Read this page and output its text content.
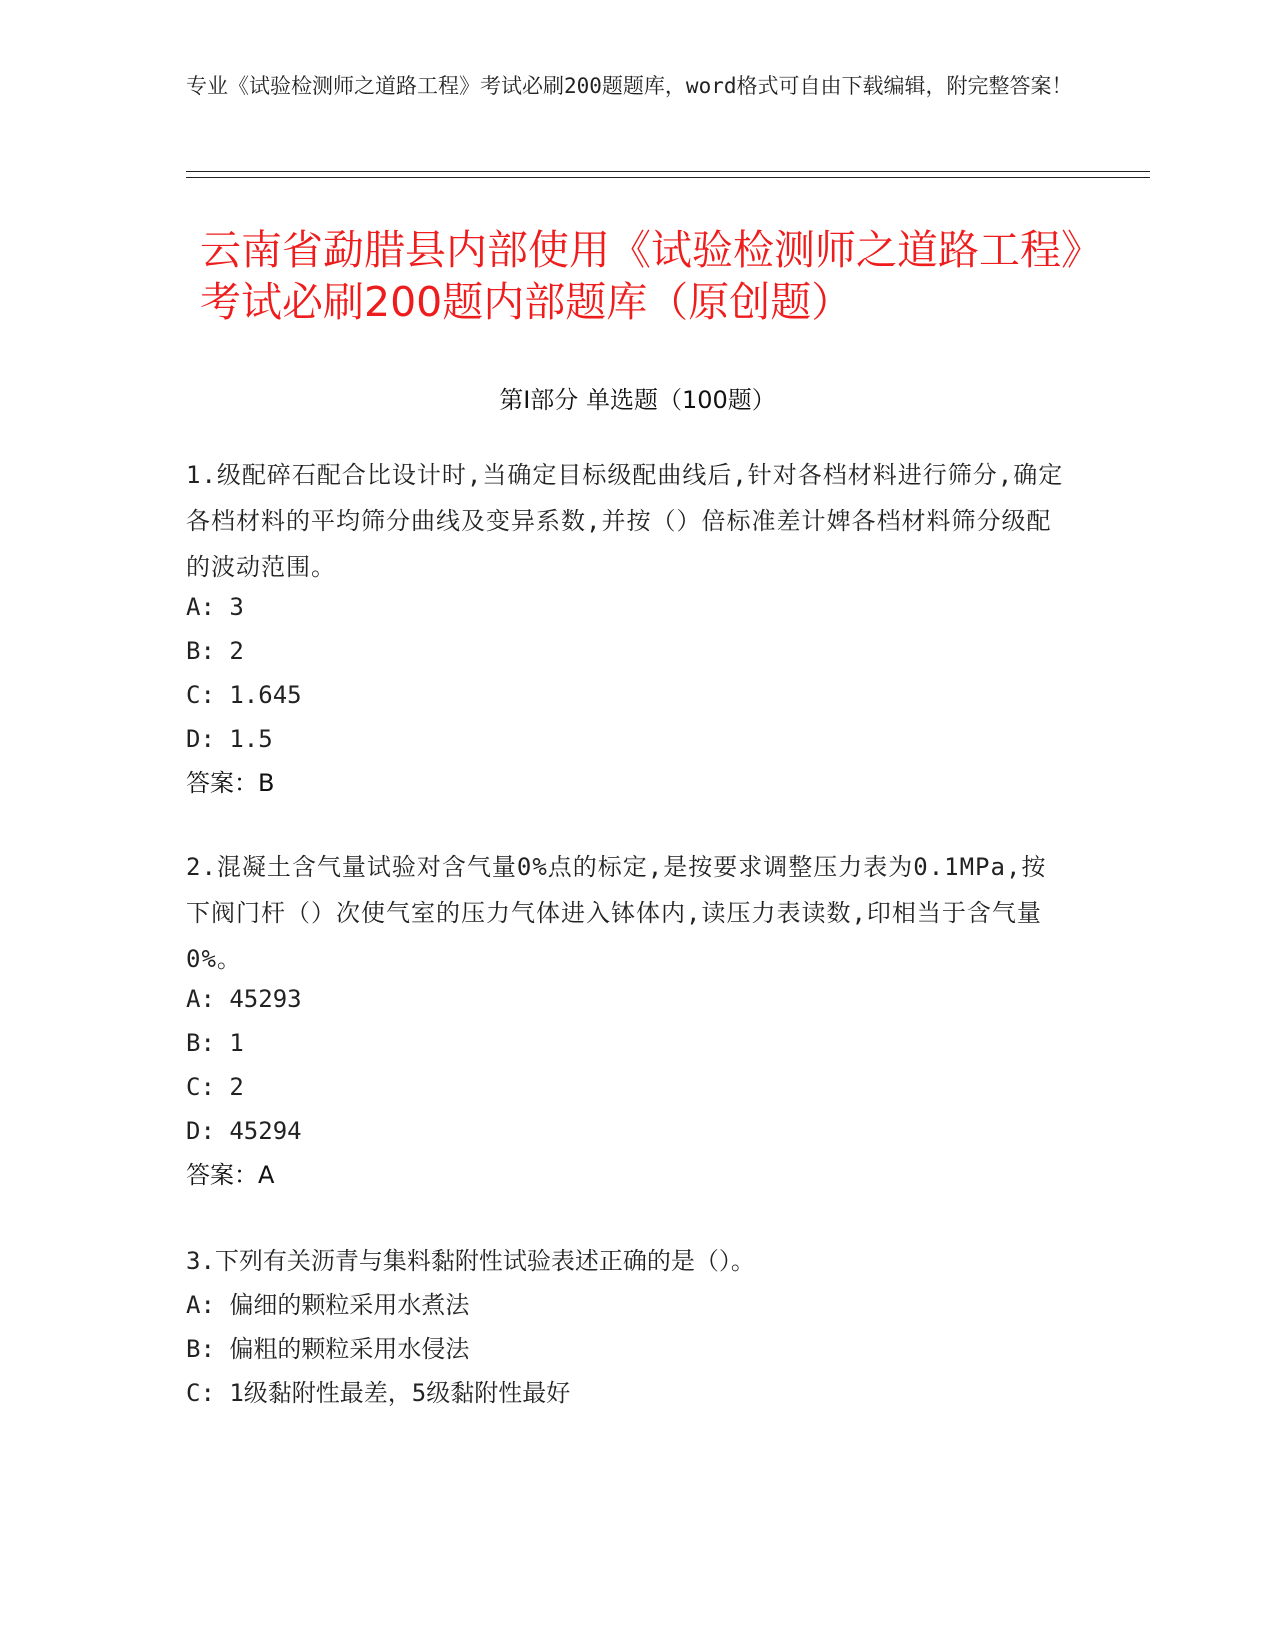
专业《试验检测师之道路工程》考试必刷200题题库，word格式可自由下载编辑，附完整答案！
云南省勐腊县内部使用《试验检测师之道路工程》考试必刷200题内部题库（原创题）
第Ⅰ部分 单选题（100题）
1.级配碎石配合比设计时,当确定目标级配曲线后,针对各档材料进行筛分,确定各档材料的平均筛分曲线及变异系数,并按（）倍标准差计婢各档材料筛分级配的波动范围。
A: 3
B: 2
C: 1.645
D: 1.5
答案：B
2.混凝土含气量试验对含气量0%点的标定,是按要求调整压力表为0.1MPa,按下阀门杆（）次使气室的压力气体进入钵体内,读压力表读数,印相当于含气量0%。
A: 45293
B: 1
C: 2
D: 45294
答案：A
3.下列有关沥青与集料黏附性试验表述正确的是（）。
A: 偏细的颗粒采用水煮法
B: 偏粗的颗粒采用水侵法
C: 1级黏附性最差，5级黏附性最好
